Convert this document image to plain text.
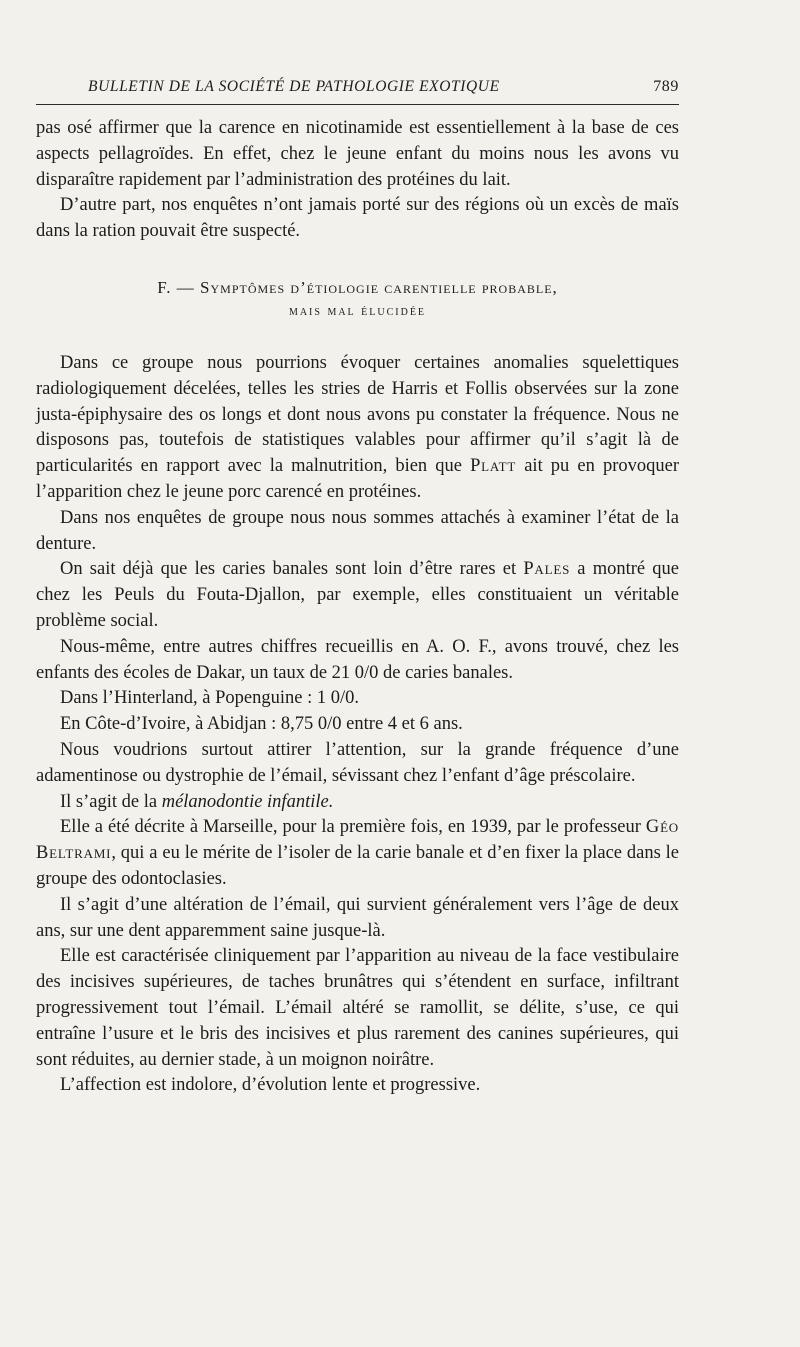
BULLETIN DE LA SOCIÉTÉ DE PATHOLOGIE EXOTIQUE	789

pas osé affirmer que la carence en nicotinamide est essentiellement à la base de ces aspects pellagroïdes. En effet, chez le jeune enfant du moins nous les avons vu disparaître rapidement par l’administration des protéines du lait.

D’autre part, nos enquêtes n’ont jamais porté sur des régions où un excès de maïs dans la ration pouvait être suspecté.

F. — Symptômes d’étiologie carentielle probable,
mais mal élucidée

Dans ce groupe nous pourrions évoquer certaines anomalies squelettiques radiologiquement décelées, telles les stries de Harris et Follis observées sur la zone justa-épiphysaire des os longs et dont nous avons pu constater la fréquence. Nous ne disposons pas, toutefois de statistiques valables pour affirmer qu’il s’agit là de particularités en rapport avec la malnutrition, bien que Platt ait pu en provoquer l’apparition chez le jeune porc carencé en protéines.

Dans nos enquêtes de groupe nous nous sommes attachés à examiner l’état de la denture.

On sait déjà que les caries banales sont loin d’être rares et Pales a montré que chez les Peuls du Fouta-Djallon, par exemple, elles constituaient un véritable problème social.

Nous-même, entre autres chiffres recueillis en A. O. F., avons trouvé, chez les enfants des écoles de Dakar, un taux de 21 0/0 de caries banales.

Dans l’Hinterland, à Popenguine : 1 0/0.

En Côte-d’Ivoire, à Abidjan : 8,75 0/0 entre 4 et 6 ans.

Nous voudrions surtout attirer l’attention, sur la grande fréquence d’une adamentinose ou dystrophie de l’émail, sévissant chez l’enfant d’âge préscolaire.

Il s’agit de la mélanodontie infantile.

Elle a été décrite à Marseille, pour la première fois, en 1939, par le professeur Géo Beltrami, qui a eu le mérite de l’isoler de la carie banale et d’en fixer la place dans le groupe des odontoclasies.

Il s’agit d’une altération de l’émail, qui survient généralement vers l’âge de deux ans, sur une dent apparemment saine jusque-là.

Elle est caractérisée cliniquement par l’apparition au niveau de la face vestibulaire des incisives supérieures, de taches brunâtres qui s’étendent en surface, infiltrant progressivement tout l’émail. L’émail altéré se ramollit, se délite, s’use, ce qui entraîne l’usure et le bris des incisives et plus rarement des canines supérieures, qui sont réduites, au dernier stade, à un moignon noirâtre.

L’affection est indolore, d’évolution lente et progressive.
